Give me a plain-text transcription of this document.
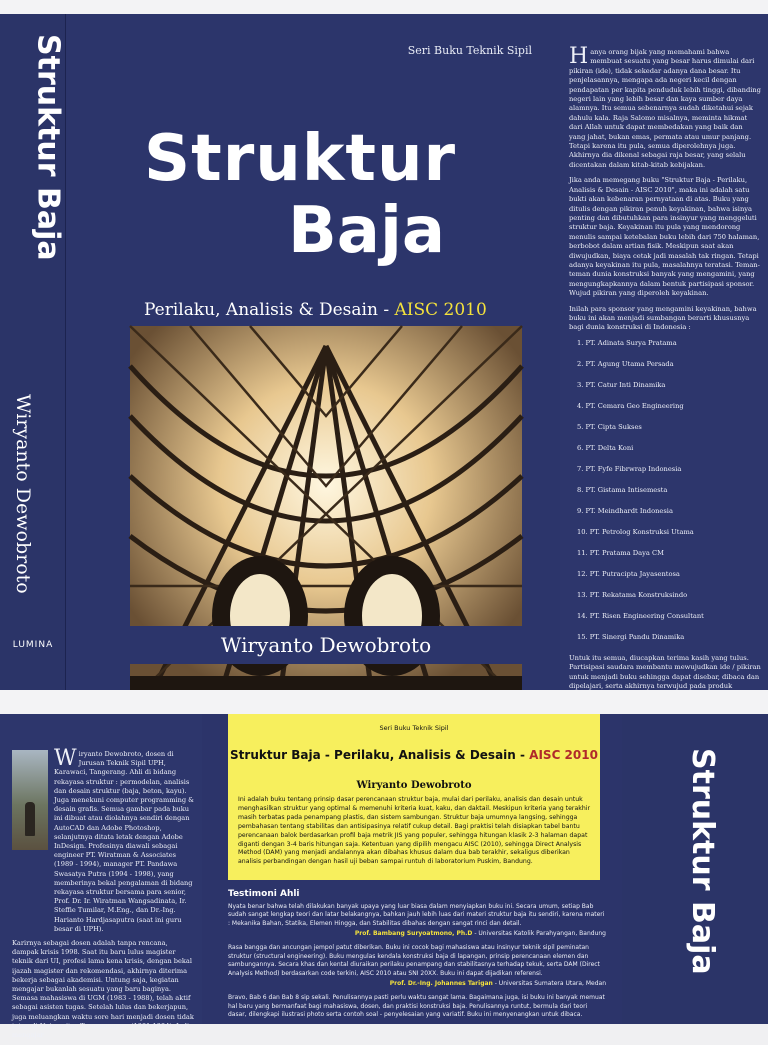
Struktur Baja
Wiryanto Dewobroto
LUMINA
Seri Buku Teknik Sipil
Struktur
Baja
Perilaku, Analisis & Desain - AISC 2010
Wiryanto Dewobroto

Hanya orang bijak yang memahami bahwa membuat sesuatu yang besar harus dimulai dari pikiran (ide), tidak sekedar adanya dana besar. Itu penjelasannya, mengapa ada negeri kecil dengan pendapatan per kapita penduduk lebih tinggi, dibanding negeri lain yang lebih besar dan kaya sumber daya alamnya. Itu semua sebenarnya sudah diketahui sejak dahulu kala. Raja Salomo misalnya, meminta hikmat dari Allah untuk dapat membedakan yang baik dan yang jahat, bukan emas, permata atau umur panjang. Tetapi karena itu pula, semua diperolehnya juga. Akhirnya dia dikenal sebagai raja besar, yang selalu dicentakan dalam kitab-kitab kebijakan.

Jika anda memegang buku "Struktur Baja - Perilaku, Analisis & Desain - AISC 2010", maka ini adalah satu bukti akan kebenaran pernyataan di atas. Buku yang ditulis dengan pikiran penuh keyakinan, bahwa isinya penting dan dibutuhkan para insinyur yang menggeluti struktur baja. Keyakinan itu pula yang mendorong menulis sampai ketebalan buku lebih dari 750 halaman, berbobot dalam artian fisik. Meskipun saat akan diwujudkan, biaya cetak jadi masalah tak ringan. Tetapi adanya keyakinan itu pula, masalahnya teratasi. Teman-teman dunia konstruksi banyak yang mengamini, yang mengungkapkannya dalam bentuk partisipasi sponsor. Wujud pikiran yang diperoleh keyakinan.

Inilah para sponsor yang mengamini keyakinan, bahwa buku ini akan menjadi sumbangan berarti khususnya bagi dunia konstruksi di Indonesia :

1. PT. Adinata Surya Pratama
2. PT. Agung Utama Persada
3. PT. Catur Inti Dinamika
4. PT. Cemara Geo Engineering
5. PT. Cipta Sukses
6. PT. Delta Koni
7. PT. Fyfe Fibrwrap Indonesia
8. PT. Gistama Intisemesta
9. PT. Meindhardt Indonesia
10. PT. Petrolog Konstruksi Utama
11. PT. Pratama Daya CM
12. PT. Putracipta Jayasentosa
13. PT. Rekatama Konstruksindo
14. PT. Risen Engineering Consultant
15. PT. Sinergi Pandu Dinamika

Untuk itu semua, diucapkan terima kasih yang tulus. Partisipasi saudara membantu mewujudkan ide / pikiran untuk menjadi buku sehingga dapat disebar, dibaca dan dipelajari, serta akhirnya terwujud pada produk

Wiryanto Dewobroto, dosen di Jurusan Teknik Sipil UPH, Karawaci, Tangerang. Ahli di bidang rekayasa struktur : permodelan, analisis dan desain struktur (baja, beton, kayu). Juga menekuni computer programming & desain grafis. Semua gambar pada buku ini dibuat atau diolahnya sendiri dengan AutoCAD dan Adobe Photoshop, selanjutnya ditata letak dengan Adobe InDesign. Profesinya diawali sebagai engineer PT. Wiratman & Associates (1989 - 1994), manager PT. Pandawa Swasatya Putra (1994 - 1998), yang memberinya bekal pengalaman di bidang rekayasa struktur bersama para senior, Prof. Dr. Ir. Wiratman Wangsadinata, Ir. Steffie Tumilar, M.Eng., dan Dr.-Ing. Harianto Hardjasaputra (saat ini guru besar di UPH).

Karirnya sebagai dosen adalah tanpa rencana, dampak krisis 1998. Saat itu baru lulus magister teknik dari UI, profesi lama kena krisis, dengan bekal ijazah magister dan rekomendasi, akhirnya diterima bekerja sebagai akademisi. Untung saja, kegiatan mengajar bukanlah sesuatu yang baru baginya. Semasa mahasiswa di UGM (1983 - 1988), telah aktif sebagai asisten tugas. Setelah lulus dan bekerjapun, juga meluangkan waktu sore hari menjadi dosen tidak tetap di Universitas Tarumanagara (1991-1994). Jadi mengajar

Seri Buku Teknik Sipil
Struktur Baja - Perilaku, Analisis & Desain - AISC 2010
Wiryanto Dewobroto
Ini adalah buku tentang prinsip dasar perencanaan struktur baja, mulai dari perilaku, analisis dan desain untuk menghasilkan struktur yang optimal & memenuhi kriteria kuat, kaku, dan daktail. Meskipun kriteria yang terakhir masih terbatas pada penampang plastis, dan sistem sambungan. Struktur baja umumnya langsing, sehingga pembahasan tentang stabilitas dan antisipasinya relatif cukup detail. Bagi praktisi telah disiapkan tabel bantu perencanaan balok berdasarkan profil baja metrik JIS yang populer, sehingga hitungan klasik 2-3 halaman dapat diganti dengan 3-4 baris hitungan saja. Ketentuan yang dipilih mengacu AISC (2010), sehingga Direct Analysis Method (DAM) yang menjadi andalannya akan dibahas khusus dalam dua bab terakhir, sekaligus diberikan analisis perbandingan dengan hasil uji beban sampai runtuh di laboratorium Puskim, Bandung.
Testimoni Ahli

Nyata benar bahwa telah dilakukan banyak upaya yang luar biasa dalam menyiapkan buku ini. Secara umum, setiap Bab sudah sangat lengkap teori dan latar belakangnya, bahkan jauh lebih luas dari materi struktur baja itu sendiri, karena materi : Mekanika Bahan, Statika, Elemen Hingga, dan Stabilitas dibahas dengan sangat rinci dan detail.

Prof. Bambang Suryoatmono, Ph.D - Universitas Katolik Parahyangan, Bandung

Rasa bangga dan ancungan jempol patut diberikan. Buku ini cocok bagi mahasiswa atau insinyur teknik sipil peminatan struktur (structural engineering). Buku mengulas kendala konstruksi baja di lapangan, prinsip perencanaan elemen dan sambungannya. Secara khas dan kental diuraikan perilaku penampang dan stabilitasnya terhadap tekuk, serta DAM (Direct Analysis Method) berdasarkan code terkini, AISC 2010 atau SNI 20XX. Buku ini dapat dijadikan referensi.

Prof. Dr.-Ing. Johannes Tarigan - Universitas Sumatera Utara, Medan

Bravo, Bab 6 dan Bab 8 sip sekali. Penulisannya pasti perlu waktu sangat lama. Bagaimana juga, isi buku ini banyak memuat hal baru yang bermanfaat bagi mahasiswa, dosen, dan praktisi konstruksi baja. Penulisannya runtut, bermula dari teori dasar, dilengkapi ilustrasi photo serta contoh soal - penyelesaian yang variatif. Buku ini menyenangkan untuk dibaca.

Struktur Baja
